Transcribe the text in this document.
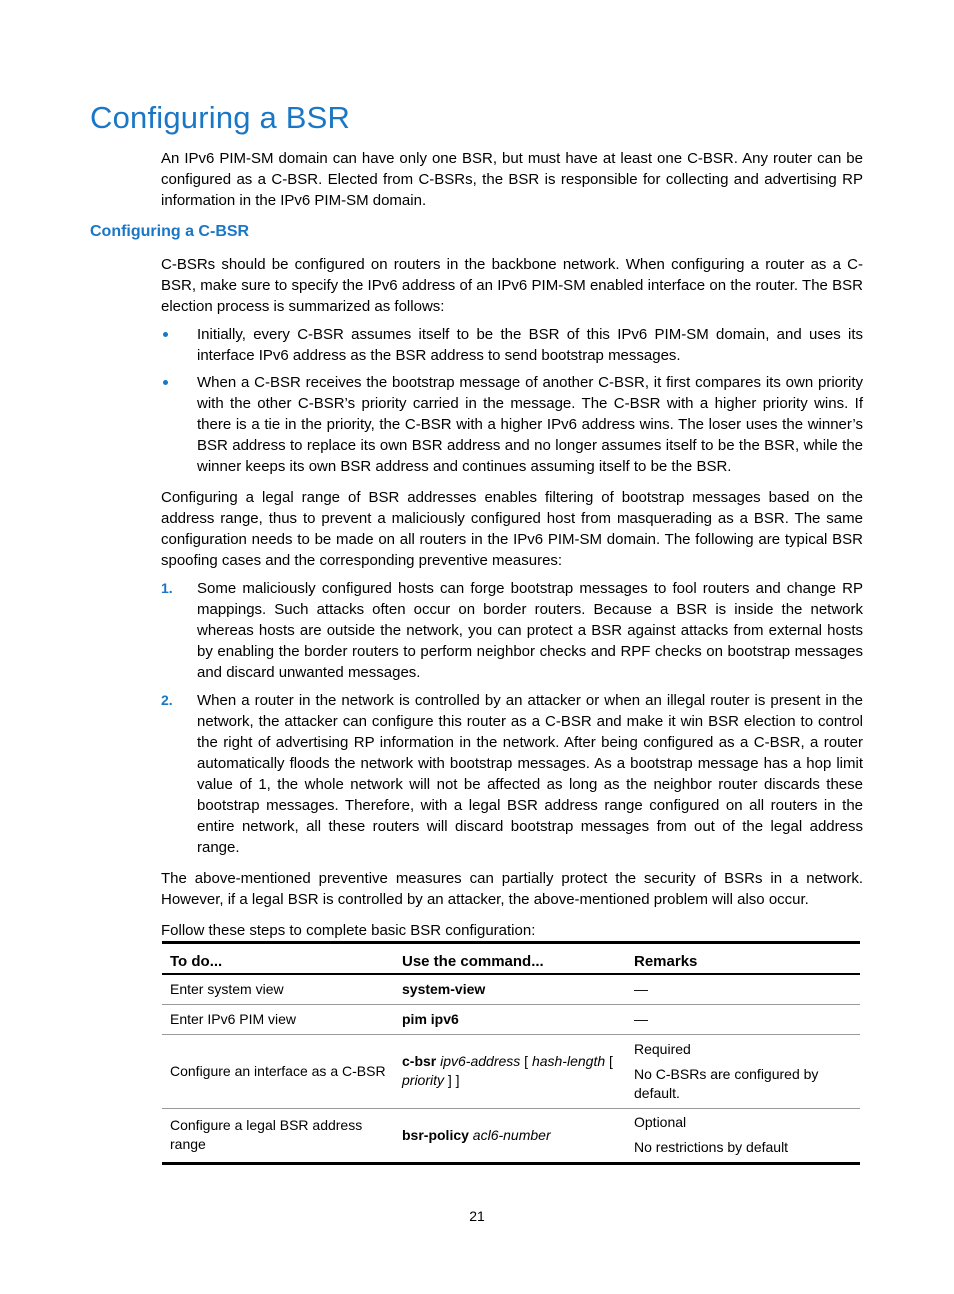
Configuring a BSR

An IPv6 PIM-SM domain can have only one BSR, but must have at least one C-BSR. Any router can be configured as a C-BSR. Elected from C-BSRs, the BSR is responsible for collecting and advertising RP information in the IPv6 PIM-SM domain.

Configuring a C-BSR

C-BSRs should be configured on routers in the backbone network. When configuring a router as a C-BSR, make sure to specify the IPv6 address of an IPv6 PIM-SM enabled interface on the router. The BSR election process is summarized as follows:

Initially, every C-BSR assumes itself to be the BSR of this IPv6 PIM-SM domain, and uses its interface IPv6 address as the BSR address to send bootstrap messages.

When a C-BSR receives the bootstrap message of another C-BSR, it first compares its own priority with the other C-BSR’s priority carried in the message. The C-BSR with a higher priority wins. If there is a tie in the priority, the C-BSR with a higher IPv6 address wins. The loser uses the winner’s BSR address to replace its own BSR address and no longer assumes itself to be the BSR, while the winner keeps its own BSR address and continues assuming itself to be the BSR.

Configuring a legal range of BSR addresses enables filtering of bootstrap messages based on the address range, thus to prevent a maliciously configured host from masquerading as a BSR. The same configuration needs to be made on all routers in the IPv6 PIM-SM domain. The following are typical BSR spoofing cases and the corresponding preventive measures:

1. Some maliciously configured hosts can forge bootstrap messages to fool routers and change RP mappings. Such attacks often occur on border routers. Because a BSR is inside the network whereas hosts are outside the network, you can protect a BSR against attacks from external hosts by enabling the border routers to perform neighbor checks and RPF checks on bootstrap messages and discard unwanted messages.

2. When a router in the network is controlled by an attacker or when an illegal router is present in the network, the attacker can configure this router as a C-BSR and make it win BSR election to control the right of advertising RP information in the network. After being configured as a C-BSR, a router automatically floods the network with bootstrap messages. As a bootstrap message has a hop limit value of 1, the whole network will not be affected as long as the neighbor router discards these bootstrap messages. Therefore, with a legal BSR address range configured on all routers in the entire network, all these routers will discard bootstrap messages from out of the legal address range.

The above-mentioned preventive measures can partially protect the security of BSRs in a network. However, if a legal BSR is controlled by an attacker, the above-mentioned problem will also occur.

Follow these steps to complete basic BSR configuration:

To do...	Use the command...	Remarks
Enter system view	system-view	—

Enter IPv6 PIM view	pim ipv6	—

Configure an interface as a C-BSR	c-bsr ipv6-address [ hash-length [ priority ] ]	Required

No C-BSRs are configured by default.

Configure a legal BSR address range	bsr-policy acl6-number	Optional

No restrictions by default

21
